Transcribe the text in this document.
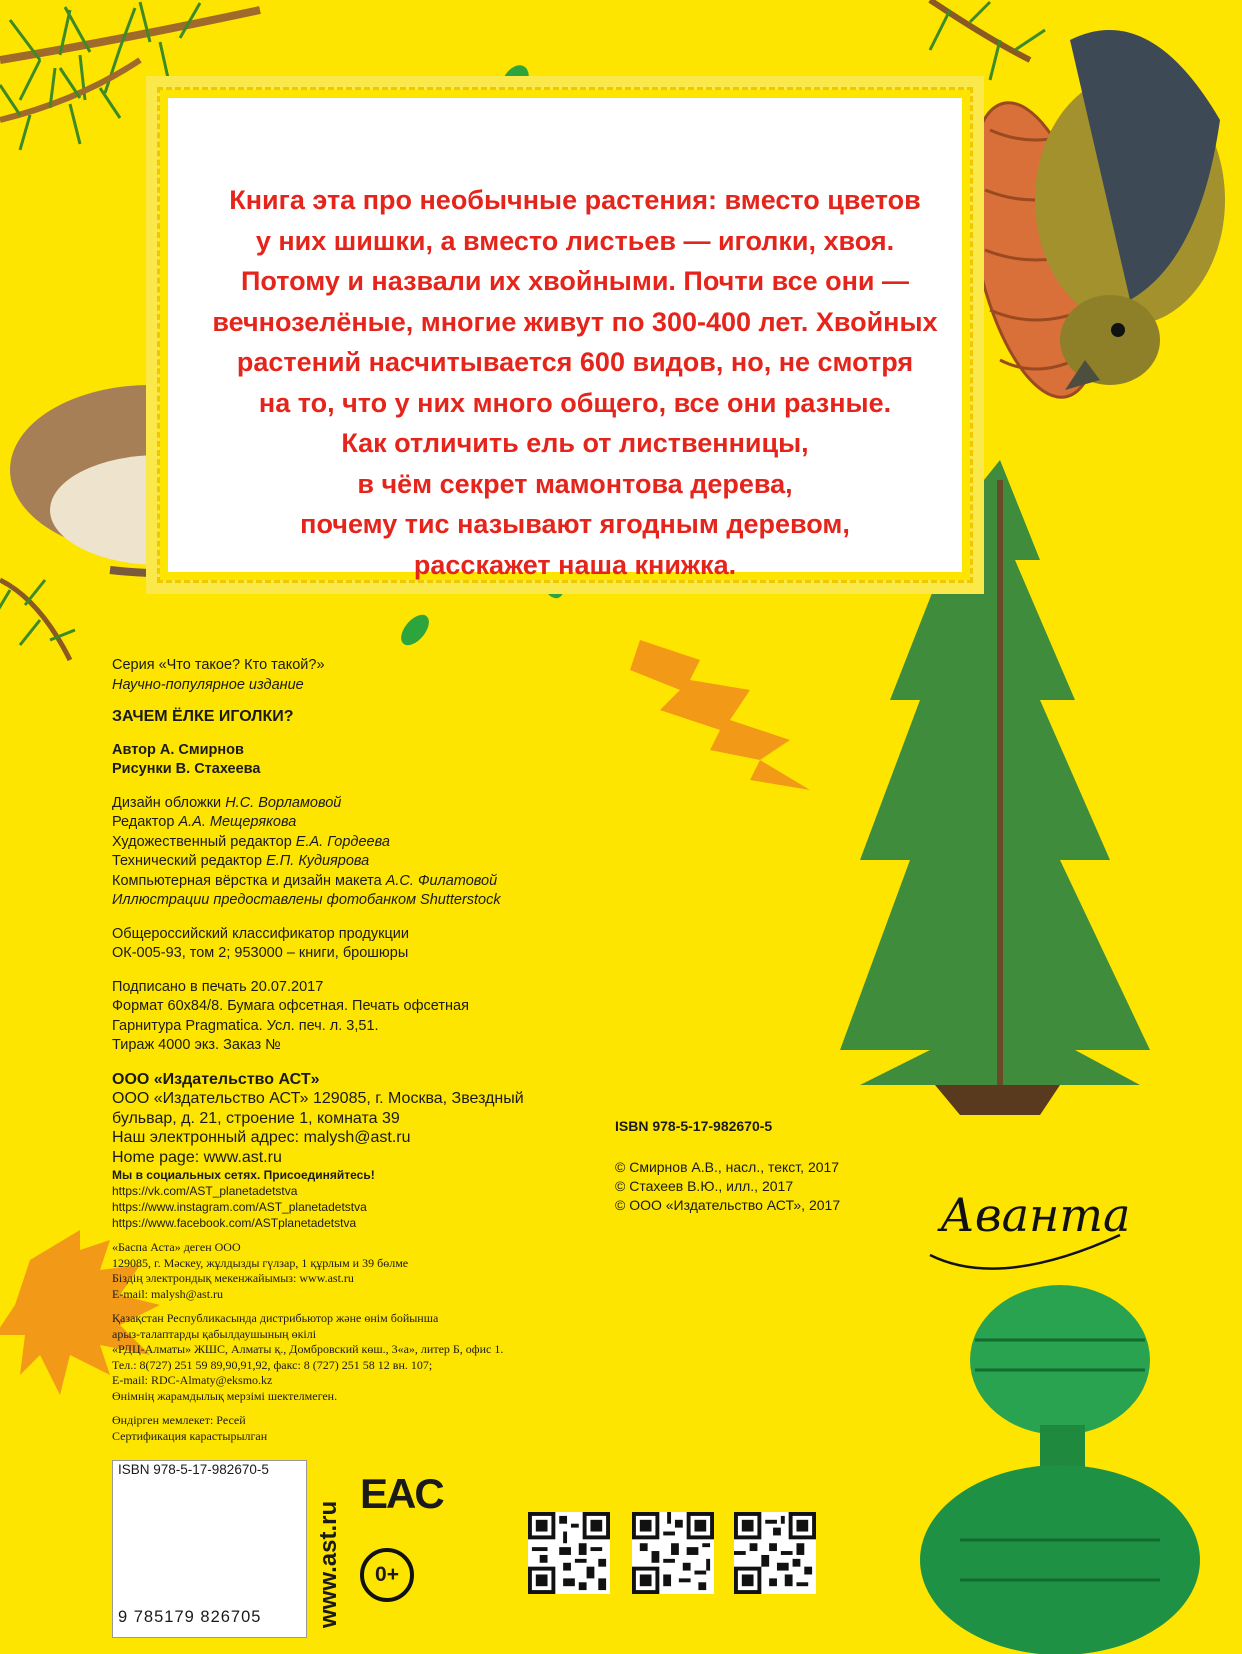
Книга эта про необычные растения: вместо цветов
у них шишки, а вместо листьев — иголки, хвоя.
Потому и назвали их хвойными. Почти все они —
вечнозелёные, многие живут по 300-400 лет. Хвойных
растений насчитывается 600 видов, но, не смотря
на то, что у них много общего, все они разные.
Как отличить ель от лиственницы,
в чём секрет мамонтова дерева,
почему тис называют ягодным деревом,
расскажет наша книжка.
Серия «Что такое? Кто такой?»
Научно-популярное издание
ЗАЧЕМ ЁЛКЕ ИГОЛКИ?
Автор А. Смирнов
Рисунки В. Стахеева
Дизайн обложки Н.С. Ворламовой
Редактор А.А. Мещерякова
Художественный редактор Е.А. Гордеева
Технический редактор Е.П. Кудиярова
Компьютерная вёрстка и дизайн макета А.С. Филатовой
Иллюстрации предоставлены фотобанком Shutterstock
Общероссийский классификатор продукции
ОК-005-93, том 2; 953000 – книги, брошюры
Подписано в печать 20.07.2017
Формат 60x84/8. Бумага офсетная. Печать офсетная
Гарнитура Pragmatica. Усл. печ. л. 3,51.
Тираж 4000 экз. Заказ №
ООО «Издательство АСТ»
ООО «Издательство АСТ» 129085, г. Москва, Звездный
бульвар, д. 21, строение 1, комната 39
Наш электронный адрес: malysh@ast.ru
Home page: www.ast.ru
Мы в социальных сетях. Присоединяйтесь!
https://vk.com/AST_planetadetstva
https://www.instagram.com/AST_planetadetstva
https://www.facebook.com/ASTplanetadetstva
«Баспа Аста» деген ООО
129085, г. Мәскеу, жұлдызды гүлзар, 1 құрлым и 39 бөлме
Біздің электрондық мекенжайымыз: www.ast.ru
E-mail: malysh@ast.ru
Қазақстан Республикасында дистрибьютор және өнім бойынша
арыз-талаптарды қабылдаушының өкілі
«РДЦ-Алматы» ЖШС, Алматы қ., Домбровский көш., 3«а», литер Б, офис 1.
Тел.: 8(727) 251 59 89,90,91,92, факс: 8 (727) 251 58 12 вн. 107;
E-mail: RDC-Almaty@eksmo.kz
Өнімнің жарамдылық мерзімі шектелмеген.
Өндірген мемлекет: Ресей
Сертификация карастырылган
ISBN 978-5-17-982670-5
© Смирнов А.В., насл., текст, 2017
© Стахеев В.Ю., илл., 2017
© ООО «Издательство АСТ», 2017 Аванта
ISBN 978-5-17-982670-5
9 785179 826705 www.ast.ru
EAC
0+
